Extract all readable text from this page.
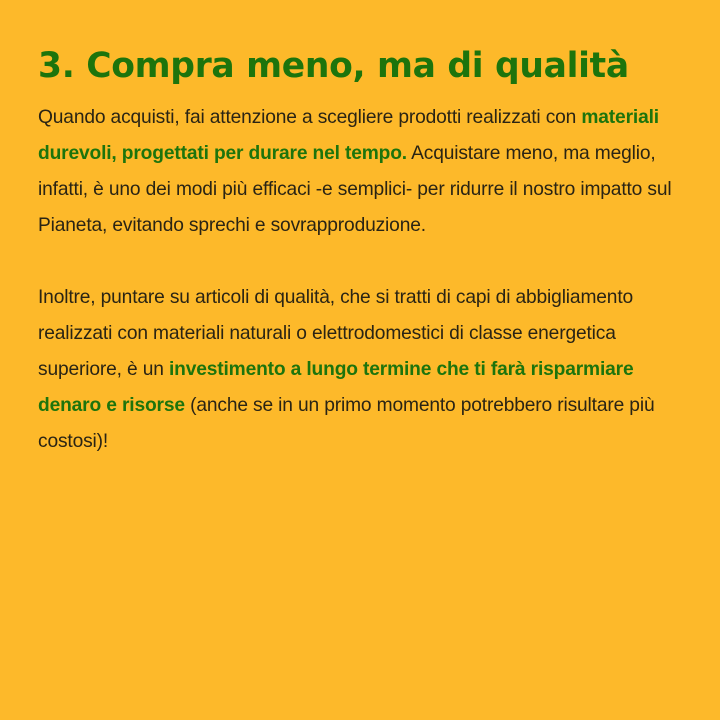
3. Compra meno, ma di qualità

Quando acquisti, fai attenzione a scegliere prodotti realizzati con materiali durevoli, progettati per durare nel tempo. Acquistare meno, ma meglio, infatti, è uno dei modi più efficaci -e semplici- per ridurre il nostro impatto sul Pianeta, evitando sprechi e sovrapproduzione.

Inoltre, puntare su articoli di qualità, che si tratti di capi di abbigliamento realizzati con materiali naturali o elettrodomestici di classe energetica superiore, è un investimento a lungo termine che ti farà risparmiare denaro e risorse (anche se in un primo momento potrebbero risultare più costosi)!
